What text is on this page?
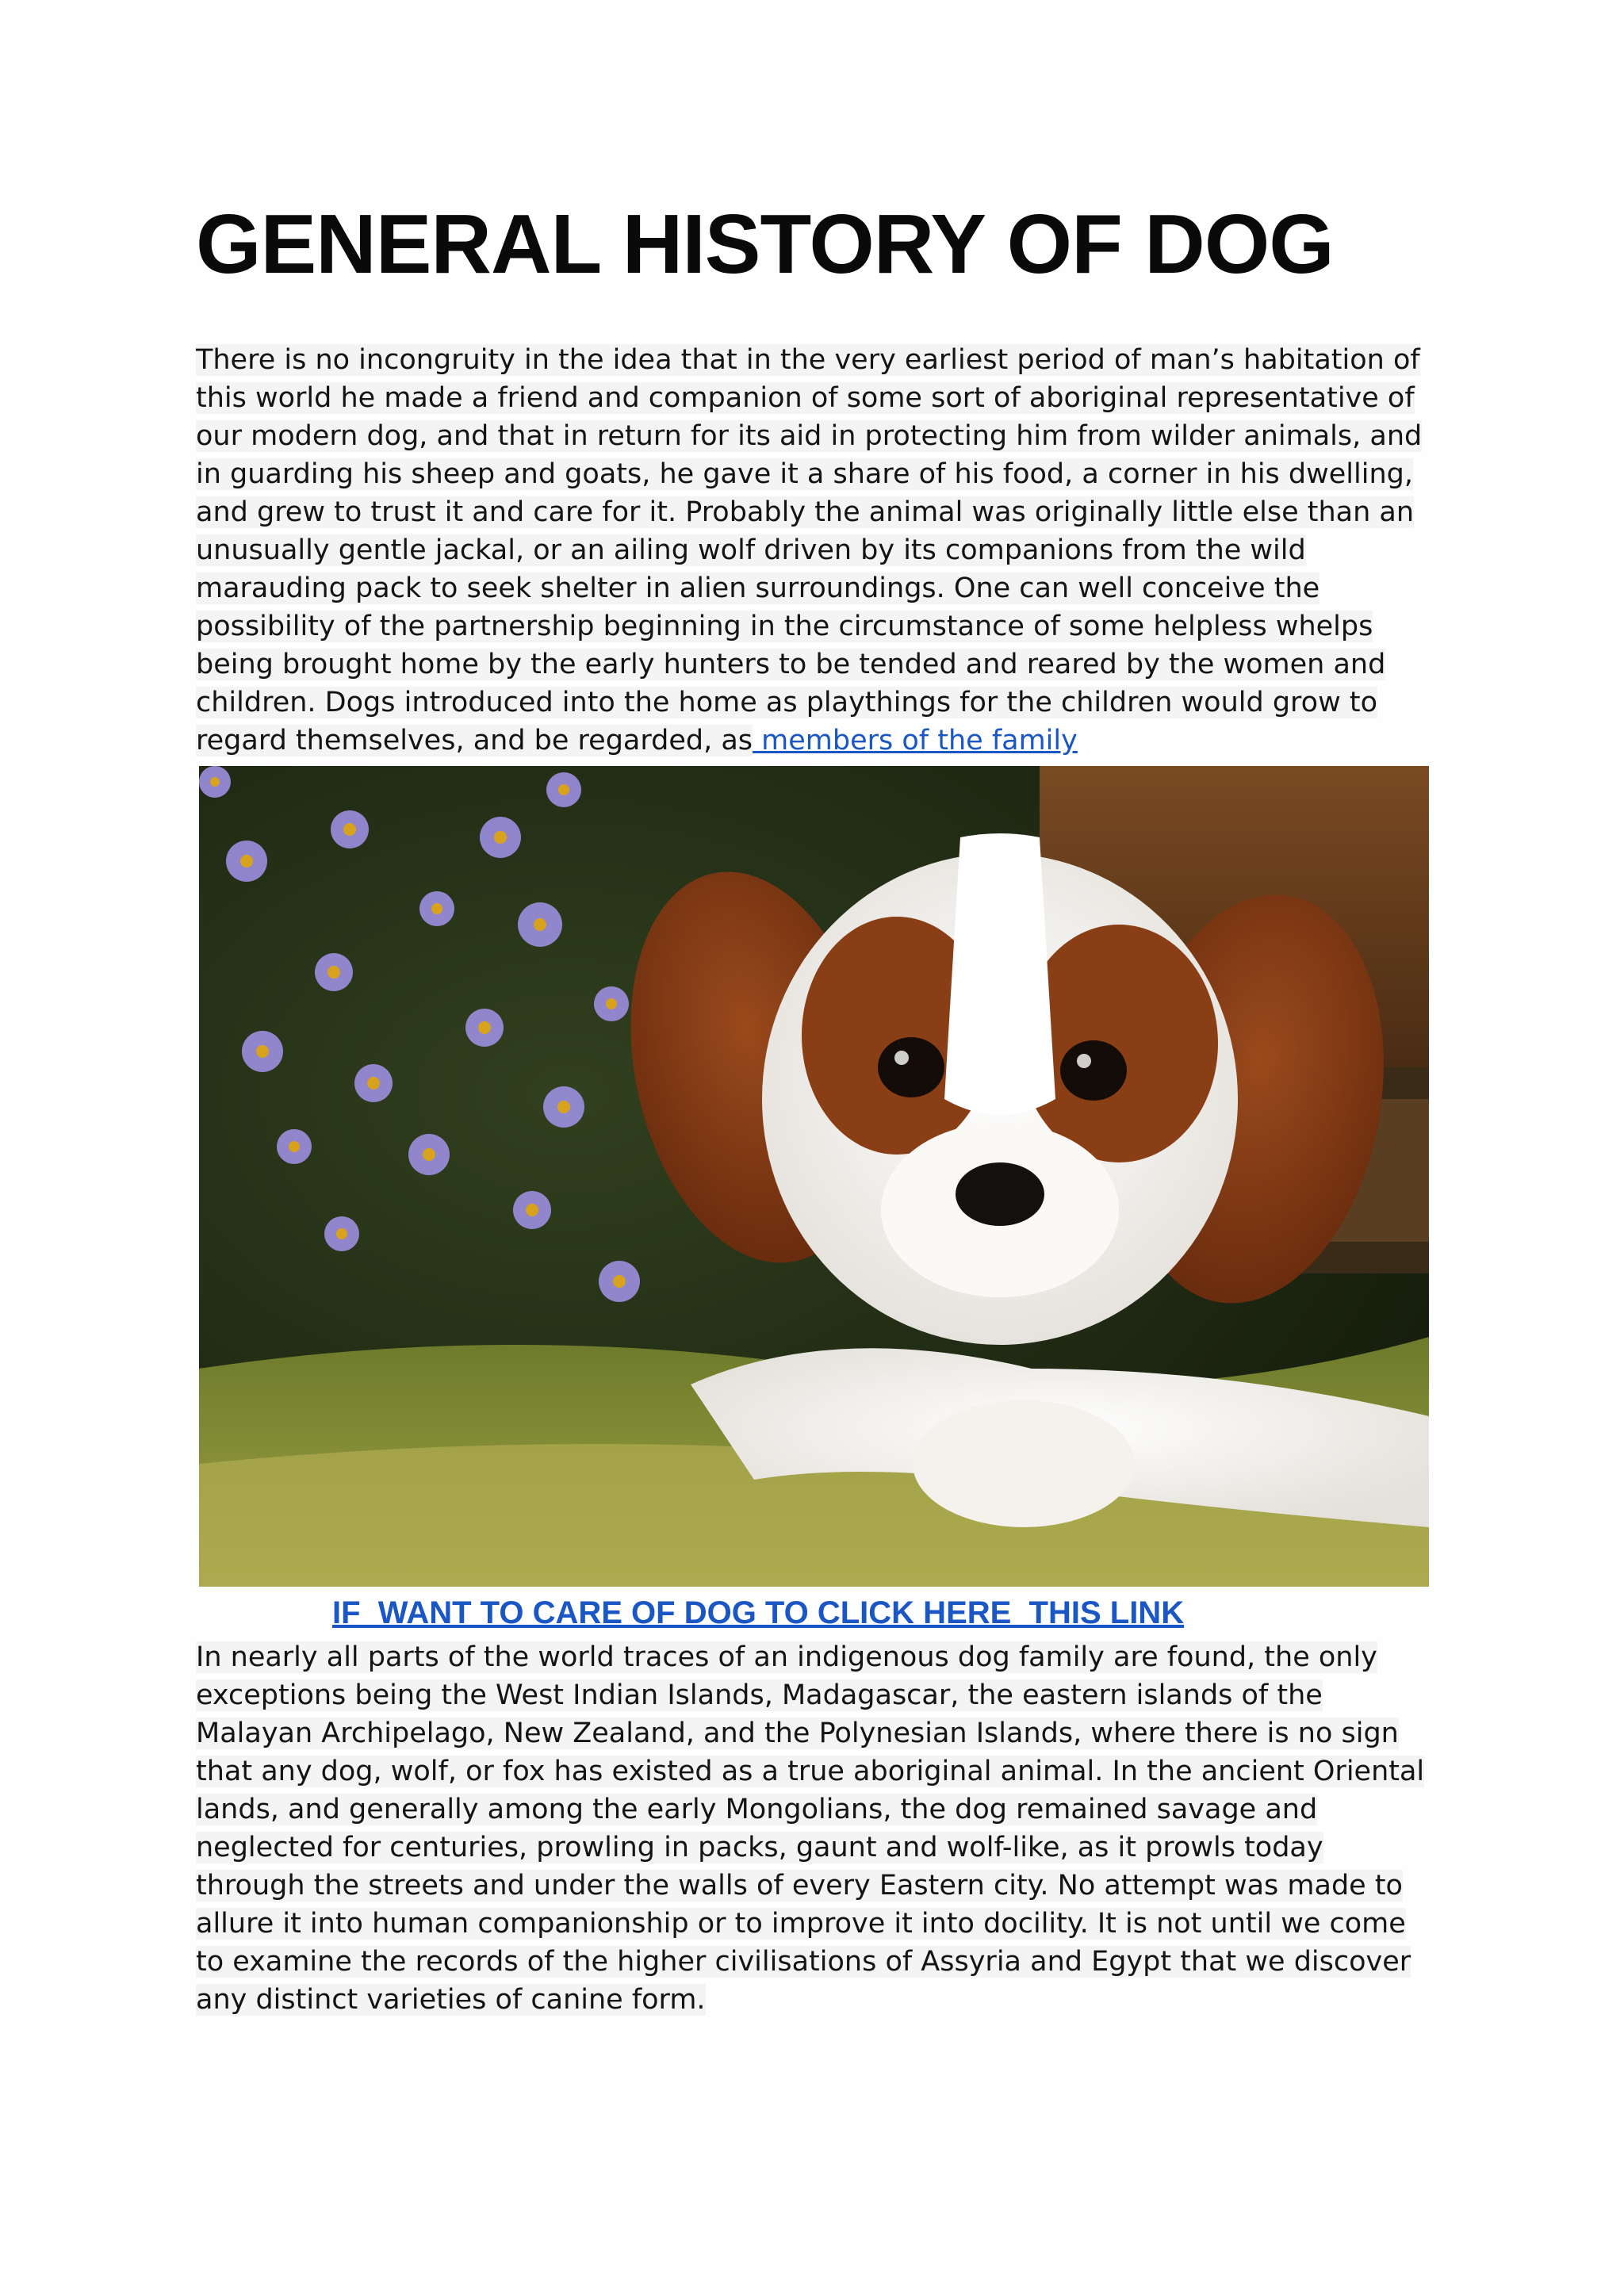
GENERAL HISTORY OF DOG

There is no incongruity in the idea that in the very earliest period of man’s habitation of
this world he made a friend and companion of some sort of aboriginal representative of
our modern dog, and that in return for its aid in protecting him from wilder animals, and
in guarding his sheep and goats, he gave it a share of his food, a corner in his dwelling,
and grew to trust it and care for it. Probably the animal was originally little else than an
unusually gentle jackal, or an ailing wolf driven by its companions from the wild
marauding pack to seek shelter in alien surroundings. One can well conceive the
possibility of the partnership beginning in the circumstance of some helpless whelps
being brought home by the early hunters to be tended and reared by the women and
children. Dogs introduced into the home as playthings for the children would grow to
regard themselves, and be regarded, as members of the family

IF  WANT TO CARE OF DOG TO CLICK HERE  THIS LINK

In nearly all parts of the world traces of an indigenous dog family are found, the only
exceptions being the West Indian Islands, Madagascar, the eastern islands of the
Malayan Archipelago, New Zealand, and the Polynesian Islands, where there is no sign
that any dog, wolf, or fox has existed as a true aboriginal animal. In the ancient Oriental
lands, and generally among the early Mongolians, the dog remained savage and
neglected for centuries, prowling in packs, gaunt and wolf-like, as it prowls today
through the streets and under the walls of every Eastern city. No attempt was made to
allure it into human companionship or to improve it into docility. It is not until we come
to examine the records of the higher civilisations of Assyria and Egypt that we discover
any distinct varieties of canine form.
